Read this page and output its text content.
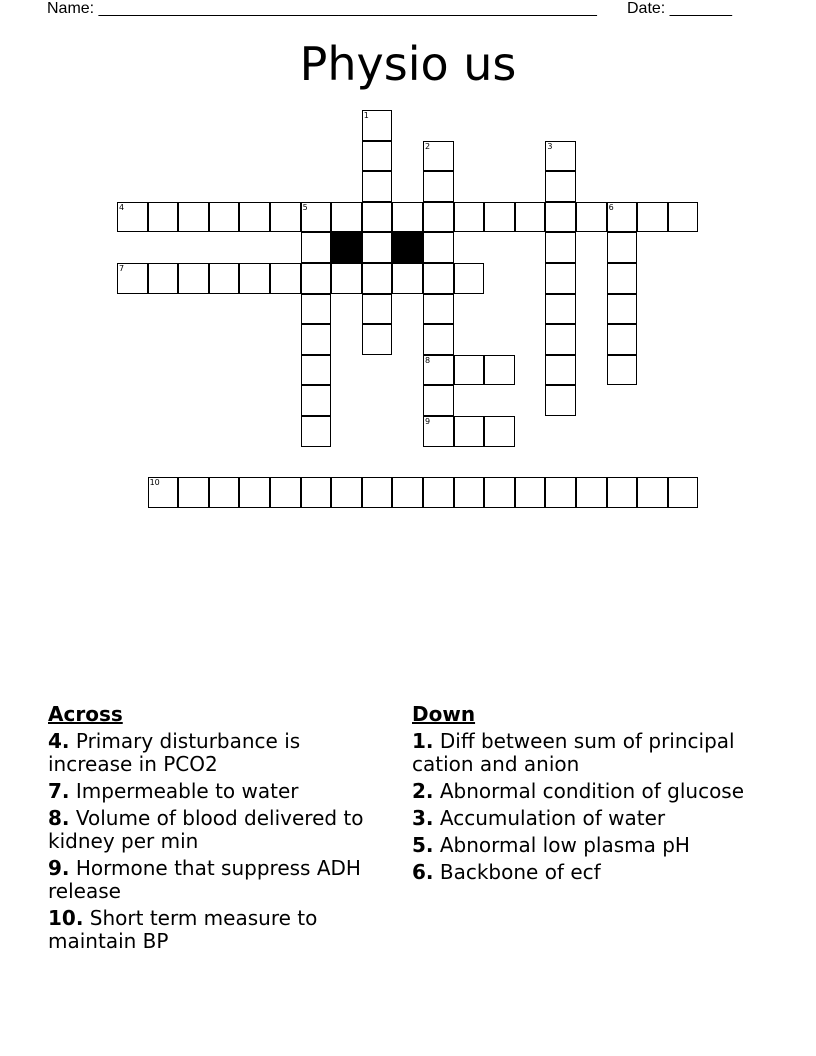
Name: ________________________________________________________ Date: _______
Physio us
1
2	3
4	5	6
7
8
9
10
Across
4. Primary disturbance is increase in PCO2
7. Impermeable to water
8. Volume of blood delivered to kidney per min
9. Hormone that suppress ADH release
10. Short term measure to maintain BP
Down
1. Diff between sum of principal cation and anion
2. Abnormal condition of glucose
3. Accumulation of water
5. Abnormal low plasma pH
6. Backbone of ecf
